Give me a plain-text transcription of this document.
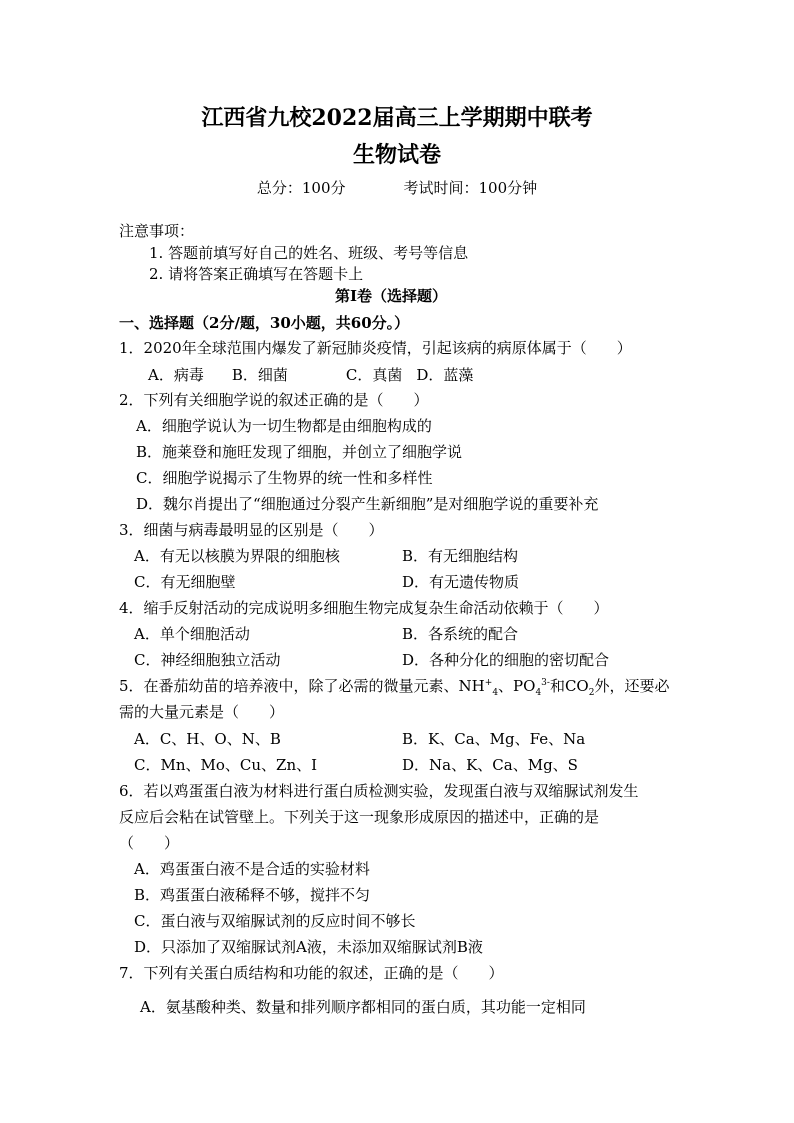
江西省九校2022届高三上学期期中联考
生物试卷
总分：100分	考试时间：100分钟
注意事项：
1. 答题前填写好自己的姓名、班级、考号等信息
2. 请将答案正确填写在答题卡上
第I卷（选择题）
一、选择题（2分/题，30小题，共60分。）
1．2020年全球范围内爆发了新冠肺炎疫情，引起该病的病原体属于（　　）
A．病毒 B．细菌	C．真菌 D．蓝藻
2．下列有关细胞学说的叙述正确的是（　　）
A．细胞学说认为一切生物都是由细胞构成的
B．施莱登和施旺发现了细胞，并创立了细胞学说
C．细胞学说揭示了生物界的统一性和多样性
D．魏尔肖提出了“细胞通过分裂产生新细胞”是对细胞学说的重要补充
3．细菌与病毒最明显的区别是（　　）
A．有无以核膜为界限的细胞核	B．有无细胞结构
C．有无细胞壁	D．有无遗传物质
4．缩手反射活动的完成说明多细胞生物完成复杂生命活动依赖于（　　）
A．单个细胞活动	B．各系统的配合
C．神经细胞独立活动	D．各种分化的细胞的密切配合
5．在番茄幼苗的培养液中，除了必需的微量元素、$NH^+_4$、$PO_4^{3-}$和$CO_2$外，还要必
需的大量元素是（　　）
A．C、H、O、N、B	B．K、Ca、Mg、Fe、Na
C．Mn、Mo、Cu、Zn、I	D．Na、K、Ca、Mg、S
6．若以鸡蛋蛋白液为材料进行蛋白质检测实验，发现蛋白液与双缩脲试剂发生
反应后会粘在试管壁上。下列关于这一现象形成原因的描述中，正确的是
（　　）
A．鸡蛋蛋白液不是合适的实验材料
B．鸡蛋蛋白液稀释不够，搅拌不匀
C．蛋白液与双缩脲试剂的反应时间不够长
D．只添加了双缩脲试剂A液，未添加双缩脲试剂B液
7．下列有关蛋白质结构和功能的叙述，正确的是（　　）
A．氨基酸种类、数量和排列顺序都相同的蛋白质，其功能一定相同
